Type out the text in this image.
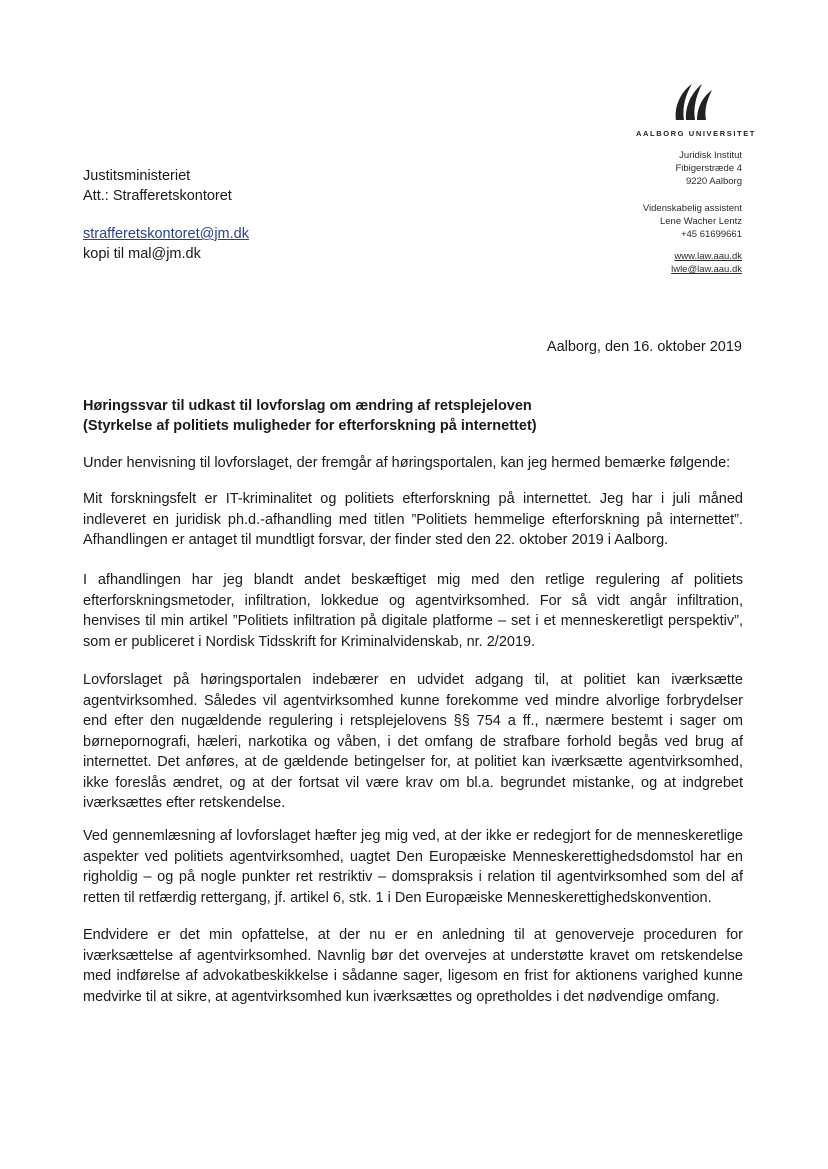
AALBORG UNIVERSITET
Juridisk Institut
Fibigerstræde 4
9220 Aalborg
Videnskabelig assistent
Lene Wacher Lentz
+45 61699661
www.law.aau.dk
lwle@law.aau.dk
Justitsministeriet
Att.: Strafferetskontoret
strafferetskontoret@jm.dk
kopi til mal@jm.dk
Aalborg, den 16. oktober 2019
Høringssvar til udkast til lovforslag om ændring af retsplejeloven
(Styrkelse af politiets muligheder for efterforskning på internettet)
Under henvisning til lovforslaget, der fremgår af høringsportalen, kan jeg hermed bemærke følgende:
Mit forskningsfelt er IT-kriminalitet og politiets efterforskning på internettet. Jeg har i juli måned indleveret en juridisk ph.d.-afhandling med titlen ”Politiets hemmelige efterforskning på internettet”. Afhandlingen er antaget til mundtligt forsvar, der finder sted den 22. oktober 2019 i Aalborg.
I afhandlingen har jeg blandt andet beskæftiget mig med den retlige regulering af politiets efterforskningsmetoder, infiltration, lokkedue og agentvirksomhed. For så vidt angår infiltration, henvises til min artikel ”Politiets infiltration på digitale platforme – set i et menneskeretligt perspektiv”, som er publiceret i Nordisk Tidsskrift for Kriminalvidenskab, nr. 2/2019.
Lovforslaget på høringsportalen indebærer en udvidet adgang til, at politiet kan iværksætte agentvirksomhed. Således vil agentvirksomhed kunne forekomme ved mindre alvorlige forbrydelser end efter den nugældende regulering i retsplejelovens §§ 754 a ff., nærmere bestemt i sager om børnepornografi, hæleri, narkotika og våben, i det omfang de strafbare forhold begås ved brug af internettet. Det anføres, at de gældende betingelser for, at politiet kan iværksætte agentvirksomhed, ikke foreslås ændret, og at der fortsat vil være krav om bl.a. begrundet mistanke, og at indgrebet iværksættes efter retskendelse.
Ved gennemlæsning af lovforslaget hæfter jeg mig ved, at der ikke er redegjort for de menneskeretlige aspekter ved politiets agentvirksomhed, uagtet Den Europæiske Menneskerettighedsdomstol har en righoldig – og på nogle punkter ret restriktiv – domspraksis i relation til agentvirksomhed som del af retten til retfærdig rettergang, jf. artikel 6, stk. 1 i Den Europæiske Menneskerettighedskonvention.
Endvidere er det min opfattelse, at der nu er en anledning til at genoverveje proceduren for iværksættelse af agentvirksomhed. Navnlig bør det overvejes at understøtte kravet om retskendelse med indførelse af advokatbeskikkelse i sådanne sager, ligesom en frist for aktionens varighed kunne medvirke til at sikre, at agentvirksomhed kun iværksættes og opretholdes i det nødvendige omfang.
